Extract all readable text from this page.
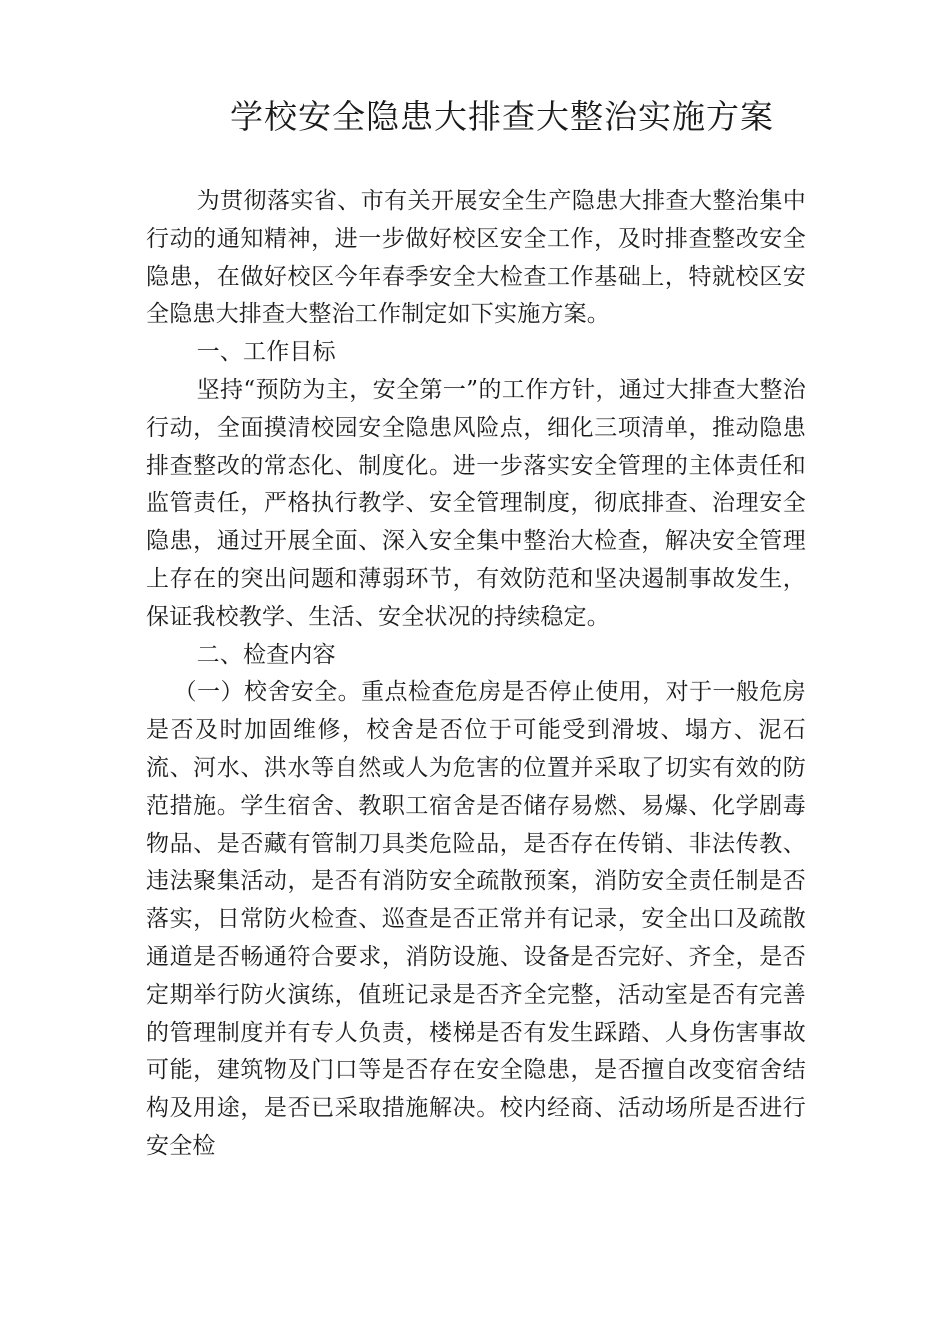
学校安全隐患大排查大整治实施方案

为贯彻落实省、市有关开展安全生产隐患大排查大整治集中行动的通知精神，进一步做好校区安全工作，及时排查整改安全隐患，在做好校区今年春季安全大检查工作基础上，特就校区安全隐患大排查大整治工作制定如下实施方案。

一、工作目标

坚持“预防为主，安全第一”的工作方针，通过大排查大整治行动，全面摸清校园安全隐患风险点，细化三项清单，推动隐患排查整改的常态化、制度化。进一步落实安全管理的主体责任和监管责任，严格执行教学、安全管理制度，彻底排查、治理安全隐患，通过开展全面、深入安全集中整治大检查，解决安全管理上存在的突出问题和薄弱环节，有效防范和坚决遏制事故发生，保证我校教学、生活、安全状况的持续稳定。

二、检查内容

（一）校舍安全。重点检查危房是否停止使用，对于一般危房是否及时加固维修，校舍是否位于可能受到滑坡、塌方、泥石流、河水、洪水等自然或人为危害的位置并采取了切实有效的防范措施。学生宿舍、教职工宿舍是否储存易燃、易爆、化学剧毒物品、是否藏有管制刀具类危险品，是否存在传销、非法传教、违法聚集活动，是否有消防安全疏散预案，消防安全责任制是否落实，日常防火检查、巡查是否正常并有记录，安全出口及疏散通道是否畅通符合要求，消防设施、设备是否完好、齐全，是否定期举行防火演练，值班记录是否齐全完整，活动室是否有完善的管理制度并有专人负责，楼梯是否有发生踩踏、人身伤害事故可能，建筑物及门口等是否存在安全隐患，是否擅自改变宿舍结构及用途，是否已采取措施解决。校内经商、活动场所是否进行安全检
